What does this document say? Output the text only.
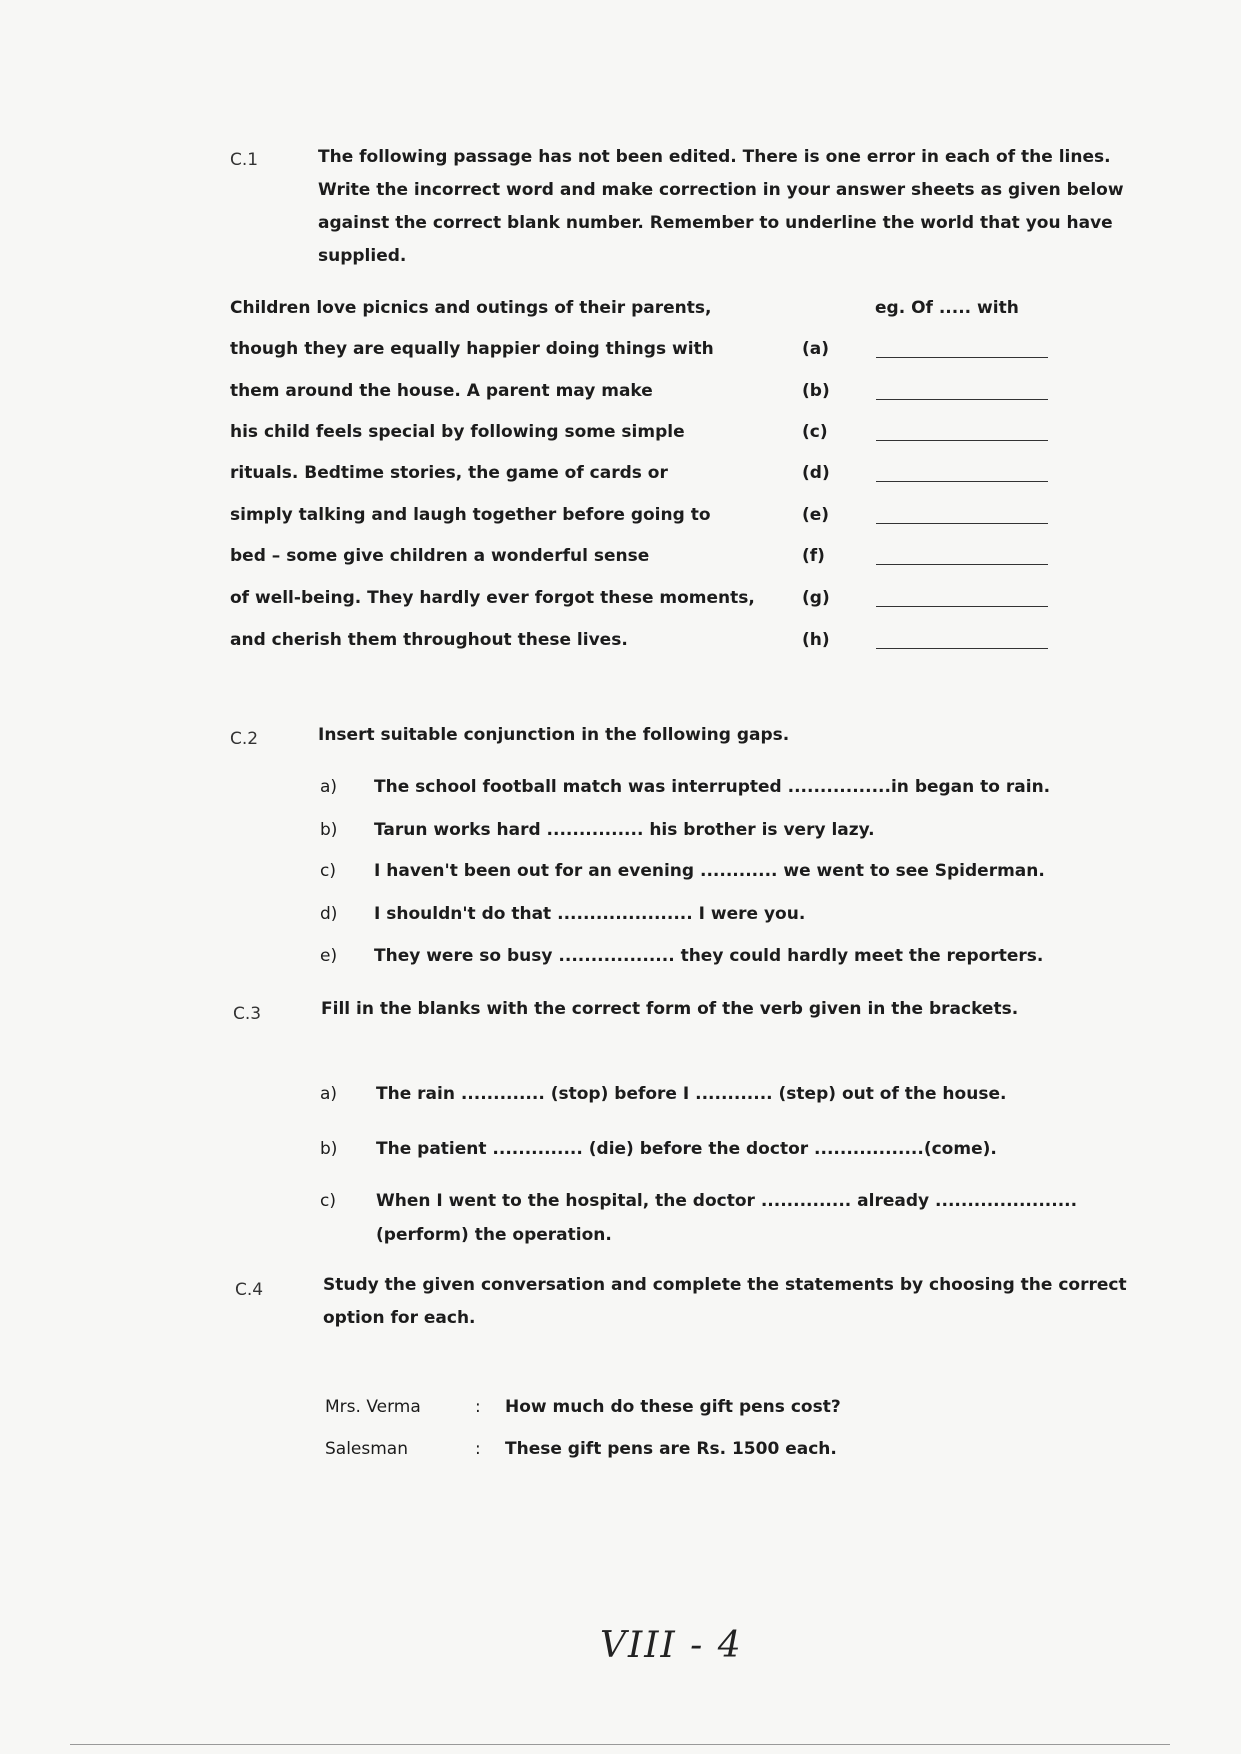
C.1	The following passage has not been edited. There is one error in each of the lines.
Write the incorrect word and make correction in your answer sheets as given below
against the correct blank number. Remember to underline the world that you have
supplied.
Children love picnics and outings of their parents,	eg. Of ..... with
though they are equally happier doing things with	(a)
them around the house. A parent may make	(b)
his child feels special by following some simple	(c)
rituals. Bedtime stories, the game of cards or	(d)
simply talking and laugh together before going to	(e)
bed – some give children a wonderful sense	(f)
of well-being. They hardly ever forgot these moments,	(g)
and cherish them throughout these lives.	(h)
C.2	Insert suitable conjunction in the following gaps.
a) The school football match was interrupted ................in began to rain.
b) Tarun works hard ............... his brother is very lazy.
c) I haven't been out for an evening ............ we went to see Spiderman.
d) I shouldn't do that ..................... I were you.
e) They were so busy .................. they could hardly meet the reporters.
C.3	Fill in the blanks with the correct form of the verb given in the brackets.
a) The rain ............. (stop) before I ............ (step) out of the house.
b) The patient .............. (die) before the doctor .................(come).
c) When I went to the hospital, the doctor .............. already ......................
(perform) the operation.
C.4	Study the given conversation and complete the statements by choosing the correct
option for each.
Mrs. Verma	: How much do these gift pens cost?
Salesman	: These gift pens are Rs. 1500 each.
VIII - 4
